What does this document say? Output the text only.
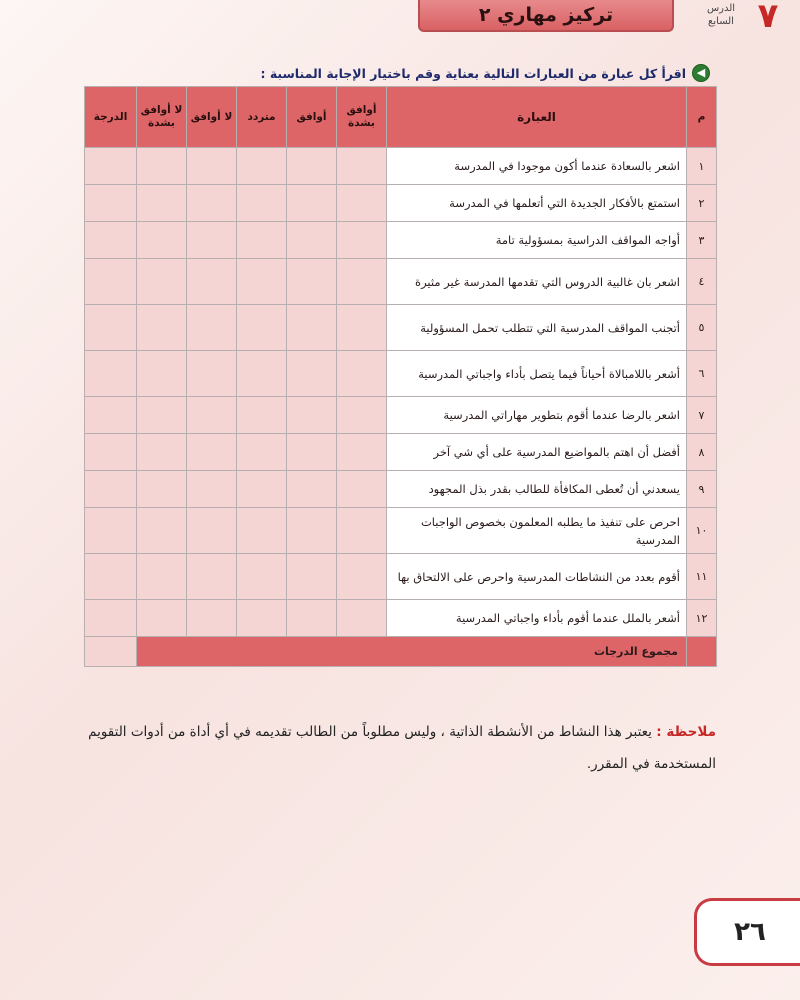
تركيز مهاري ٢	الدرس
السابع ٧
◀
اقرأ كل عبارة من العبارات التالية بعناية وقم باختيار الإجابة المناسبة :
م	العبارة	أوافق بشدة	أوافق	متردد	لا أوافق	لا أوافق بشدة	الدرجة
١	اشعر بالسعادة عندما أكون موجودا في المدرسة						
٢	استمتع بالأفكار الجديدة التي أتعلمها في المدرسة						
٣	أواجه المواقف الدراسية بمسؤولية تامة						
٤	اشعر بان غالبية الدروس التي تقدمها المدرسة غير مثيرة						
٥	أتجنب المواقف المدرسية التي تتطلب تحمل المسؤولية						
٦	أشعر باللامبالاة أحياناً فيما يتصل بأداء واجباتي المدرسية						
٧	اشعر بالرضا عندما أقوم بتطوير مهاراتي المدرسية						
٨	أفضل أن اهتم بالمواضيع المدرسية على أي شي آخر						
٩	يسعدني أن تُعطى المكافأة للطالب بقدر بذل المجهود						
١٠	احرص على تنفيذ ما يطلبه المعلمون بخصوص الواجبات المدرسية						
١١	أقوم بعدد من النشاطات المدرسية واحرص على الالتحاق بها						
١٢	أشعر بالملل عندما أقوم بأداء واجباتي المدرسية						
	مجموع الدرجات						
ملاحظة : يعتبر هذا النشاط من الأنشطة الذاتية ، وليس مطلوباً من الطالب تقديمه ﻓﻲ أي أداة من أدوات التقويم المستخدمة ﻓﻲ المقرر.
٢٦
